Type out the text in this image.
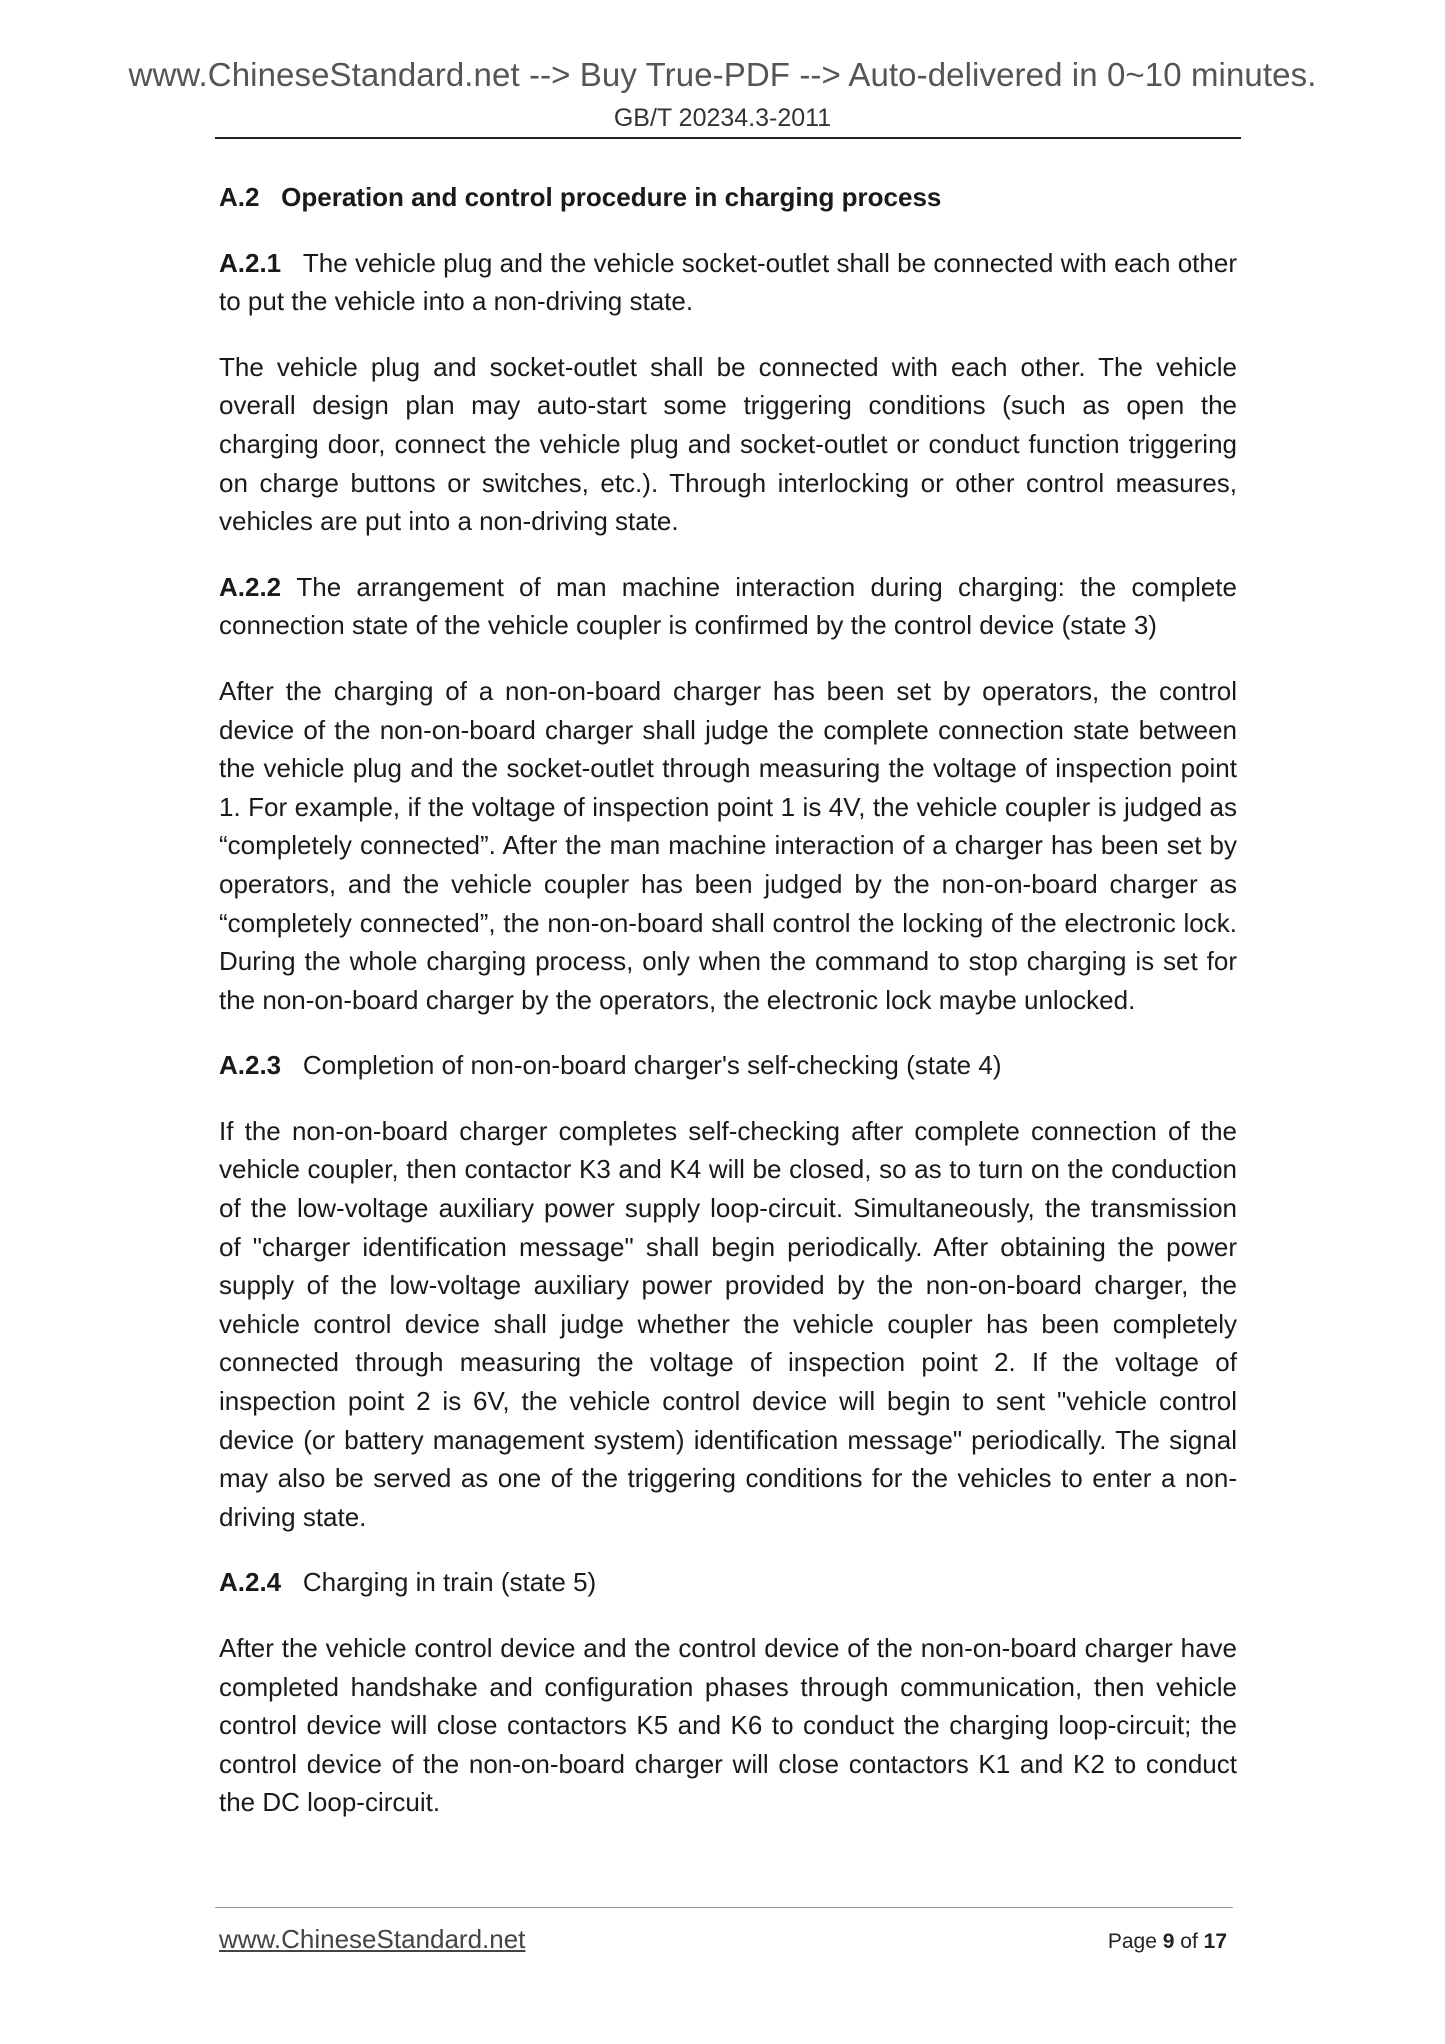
www.ChineseStandard.net --> Buy True-PDF --> Auto-delivered in 0~10 minutes.
GB/T 20234.3-2011
A.2 Operation and control procedure in charging process
A.2.1 The vehicle plug and the vehicle socket-outlet shall be connected with each other to put the vehicle into a non-driving state.
The vehicle plug and socket-outlet shall be connected with each other. The vehicle overall design plan may auto-start some triggering conditions (such as open the charging door, connect the vehicle plug and socket-outlet or conduct function triggering on charge buttons or switches, etc.). Through interlocking or other control measures, vehicles are put into a non-driving state.
A.2.2 The arrangement of man machine interaction during charging: the complete connection state of the vehicle coupler is confirmed by the control device (state 3)
After the charging of a non-on-board charger has been set by operators, the control device of the non-on-board charger shall judge the complete connection state between the vehicle plug and the socket-outlet through measuring the voltage of inspection point 1. For example, if the voltage of inspection point 1 is 4V, the vehicle coupler is judged as “completely connected”. After the man machine interaction of a charger has been set by operators, and the vehicle coupler has been judged by the non-on-board charger as “completely connected”, the non-on-board shall control the locking of the electronic lock. During the whole charging process, only when the command to stop charging is set for the non-on-board charger by the operators, the electronic lock maybe unlocked.
A.2.3 Completion of non-on-board charger's self-checking (state 4)
If the non-on-board charger completes self-checking after complete connection of the vehicle coupler, then contactor K3 and K4 will be closed, so as to turn on the conduction of the low-voltage auxiliary power supply loop-circuit. Simultaneously, the transmission of "charger identification message" shall begin periodically. After obtaining the power supply of the low-voltage auxiliary power provided by the non-on-board charger, the vehicle control device shall judge whether the vehicle coupler has been completely connected through measuring the voltage of inspection point 2. If the voltage of inspection point 2 is 6V, the vehicle control device will begin to sent "vehicle control device (or battery management system) identification message" periodically. The signal may also be served as one of the triggering conditions for the vehicles to enter a non-driving state.
A.2.4 Charging in train (state 5)
After the vehicle control device and the control device of the non-on-board charger have completed handshake and configuration phases through communication, then vehicle control device will close contactors K5 and K6 to conduct the charging loop-circuit; the control device of the non-on-board charger will close contactors K1 and K2 to conduct the DC loop-circuit.
www.ChineseStandard.net	Page 9 of 17
